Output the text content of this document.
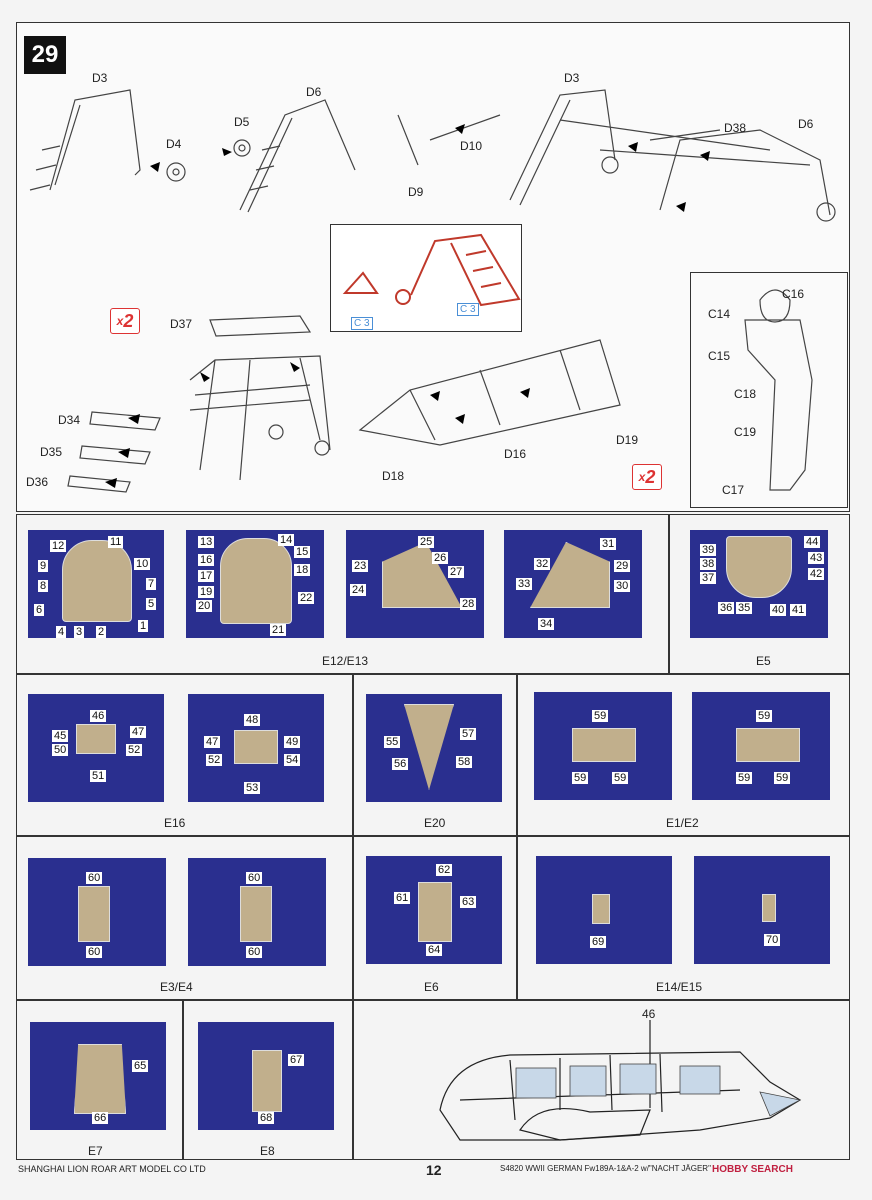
29
D3
D4
D5
D6
D10
D9
D3
D38	D6
D37
D34
D35
D36	D18
D16
D19
x 2
x 2
C 3
C 3
C16
C14
C15
C18
C19
C17
12	11
9	10
8	7
6	5
4 3 2	1
13	14
16
15
17	18
19	22
20
21
25
23
26
27
24
28
31
32	29
33	30
34
E12/E13
39
44
38	43
37	42
36 35 40 41
E5
46
45	47
50	52
51
48
47	49
52	54
53
E16
55
57
56	58
E20
59
59	59
59
59 59
E1/E2
60
60
60
60
E3/E4
62
61	63
64
E6
69	70
E14/E15
65
66
E7
67
68
E8
46
SHANGHAI LION ROAR ART MODEL CO LTD	12	S4820 WWII GERMAN Fw189A-1&A-2 w/"NACHT JÄGER" HOBBY SEARCH
